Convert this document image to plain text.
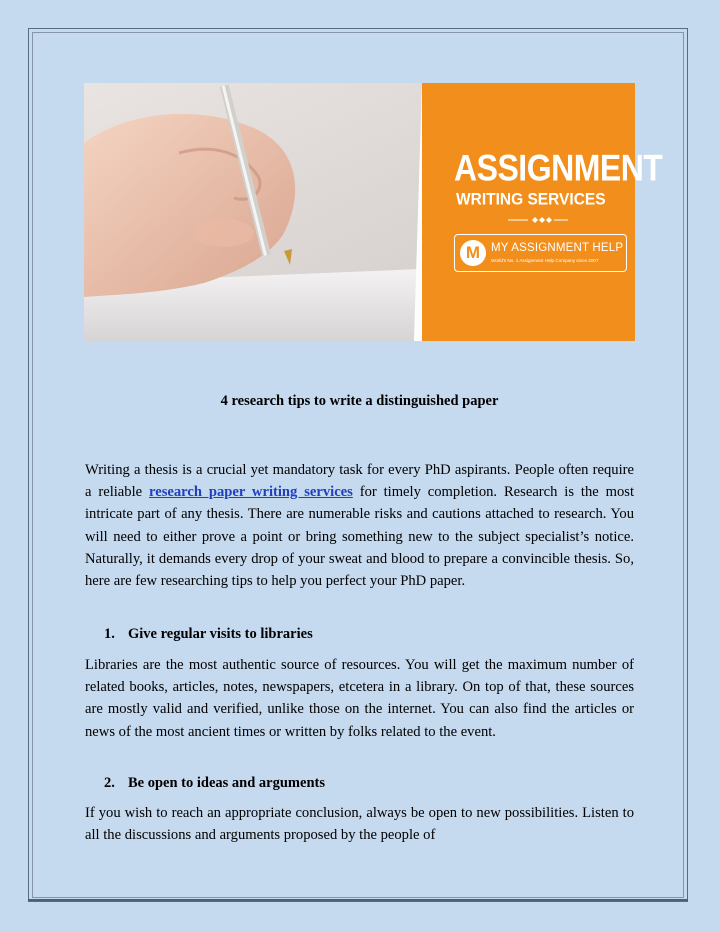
ASSIGNMENT
WRITING SERVICES
M MY ASSIGNMENT HELP
World's No. 1 Assignment Help Company since 2007
4 research tips to write a distinguished paper

Writing a thesis is a crucial yet mandatory task for every PhD aspirants. People often require a reliable research paper writing services for timely completion. Research is the most intricate part of any thesis. There are numerable risks and cautions attached to research. You will need to either prove a point or bring something new to the subject specialist’s notice. Naturally, it demands every drop of your sweat and blood to prepare a convincible thesis. So, here are few researching tips to help you perfect your PhD paper.

1. Give regular visits to libraries

Libraries are the most authentic source of resources. You will get the maximum number of related books, articles, notes, newspapers, etcetera in a library. On top of that, these sources are mostly valid and verified, unlike those on the internet. You can also find the articles or news of the most ancient times or written by folks related to the event.

2. Be open to ideas and arguments

If you wish to reach an appropriate conclusion, always be open to new possibilities. Listen to all the discussions and arguments proposed by the people of
